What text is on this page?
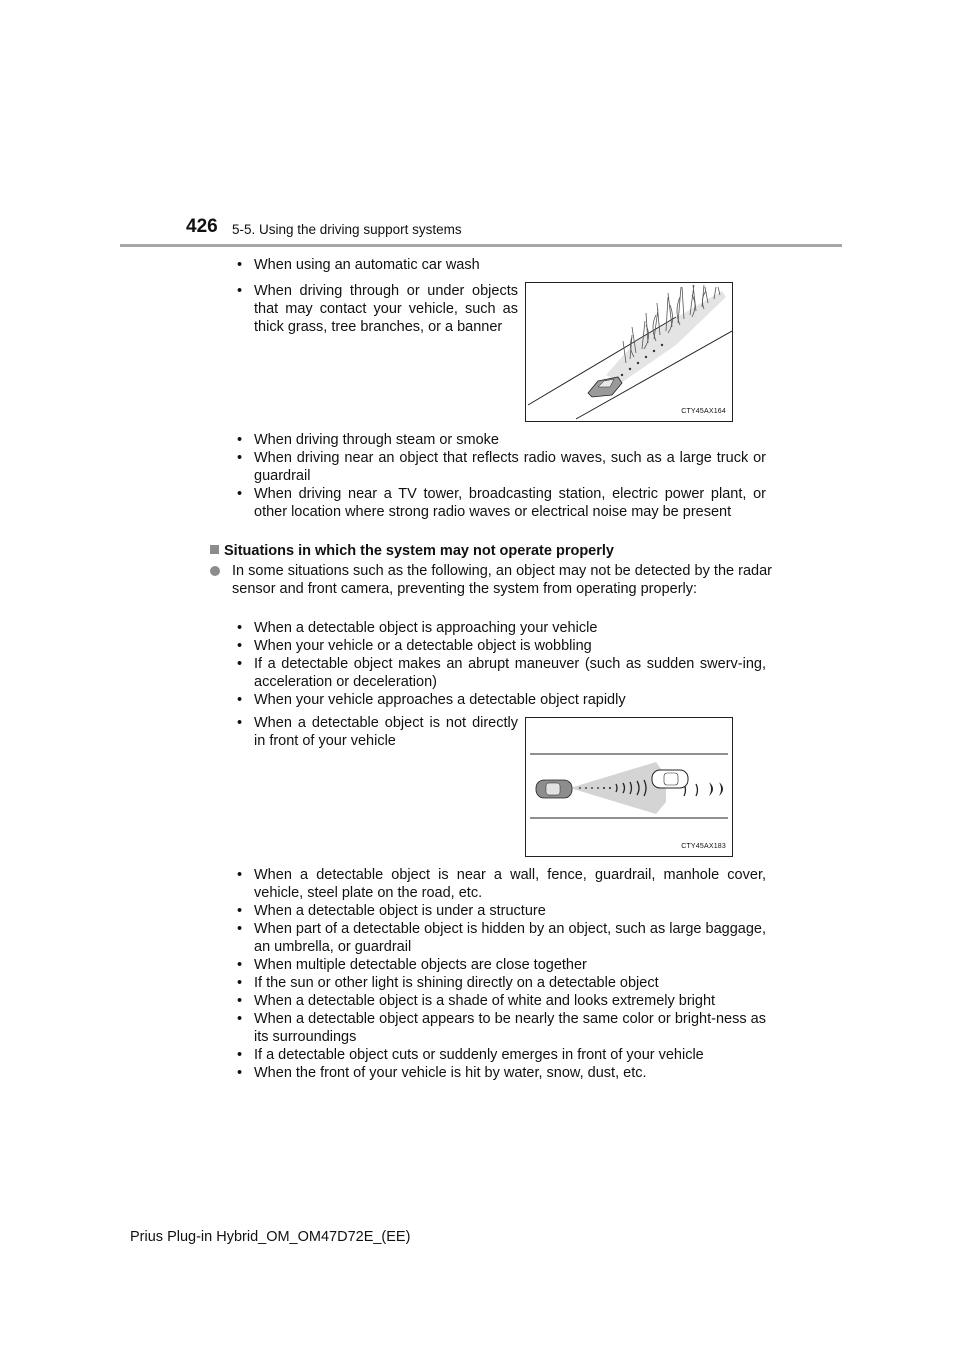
426 5-5. Using the driving support systems
• When using an automatic car wash
• When driving through or under objects that may contact your vehicle, such as thick grass, tree branches, or a banner
CTY45AX164
• When driving through steam or smoke
• When driving near an object that reflects radio waves, such as a large truck or guardrail
• When driving near a TV tower, broadcasting station, electric power plant, or other location where strong radio waves or electrical noise may be present
Situations in which the system may not operate properly
In some situations such as the following, an object may not be detected by the radar sensor and front camera, preventing the system from operating properly:
• When a detectable object is approaching your vehicle
• When your vehicle or a detectable object is wobbling
• If a detectable object makes an abrupt maneuver (such as sudden swerv-ing, acceleration or deceleration)
• When your vehicle approaches a detectable object rapidly
• When a detectable object is not directly in front of your vehicle
CTY45AX183
• When a detectable object is near a wall, fence, guardrail, manhole cover, vehicle, steel plate on the road, etc.
• When a detectable object is under a structure
• When part of a detectable object is hidden by an object, such as large baggage, an umbrella, or guardrail
• When multiple detectable objects are close together
• If the sun or other light is shining directly on a detectable object
• When a detectable object is a shade of white and looks extremely bright
• When a detectable object appears to be nearly the same color or bright-ness as its surroundings
• If a detectable object cuts or suddenly emerges in front of your vehicle
• When the front of your vehicle is hit by water, snow, dust, etc.
Prius Plug-in Hybrid_OM_OM47D72E_(EE)
